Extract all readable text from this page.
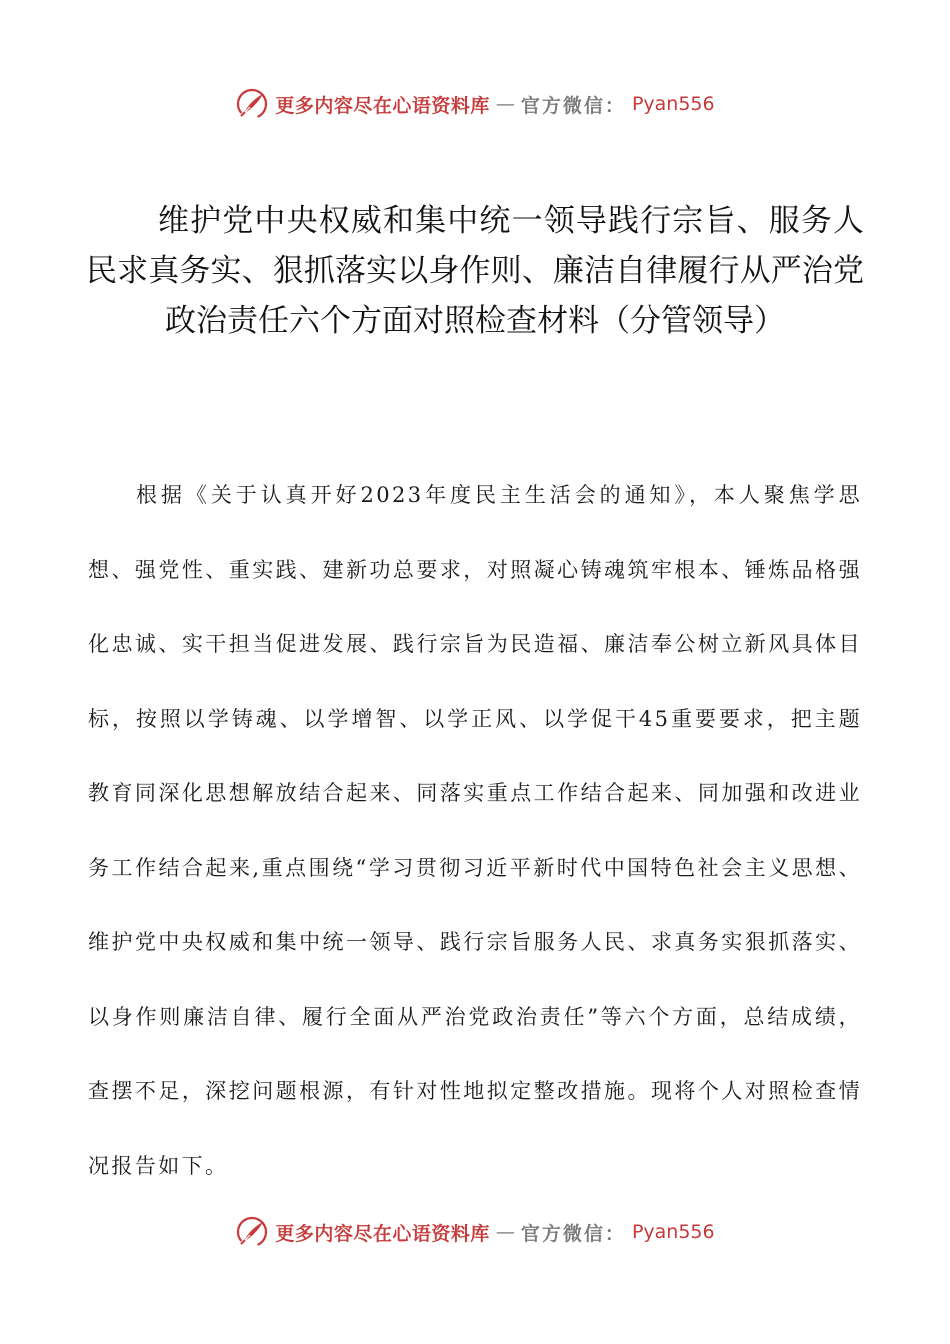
更多内容尽在心语资料库 — 官方微信： Pyan556
维护党中央权威和集中统一领导践行宗旨、服务人民求真务实、狠抓落实以身作则、廉洁自律履行从严治党政治责任六个方面对照检查材料（分管领导）
根据《关于认真开好2023年度民主生活会的通知》，本人聚焦学思想、强党性、重实践、建新功总要求，对照凝心铸魂筑牢根本、锤炼品格强化忠诚、实干担当促进发展、践行宗旨为民造福、廉洁奉公树立新风具体目标，按照以学铸魂、以学增智、以学正风、以学促干45重要要求，把主题教育同深化思想解放结合起来、同落实重点工作结合起来、同加强和改进业务工作结合起来,重点围绕“学习贯彻习近平新时代中国特色社会主义思想、维护党中央权威和集中统一领导、践行宗旨服务人民、求真务实狠抓落实、以身作则廉洁自律、履行全面从严治党政治责任”等六个方面，总结成绩，查摆不足，深挖问题根源，有针对性地拟定整改措施。现将个人对照检查情况报告如下。
更多内容尽在心语资料库 — 官方微信： Pyan556
